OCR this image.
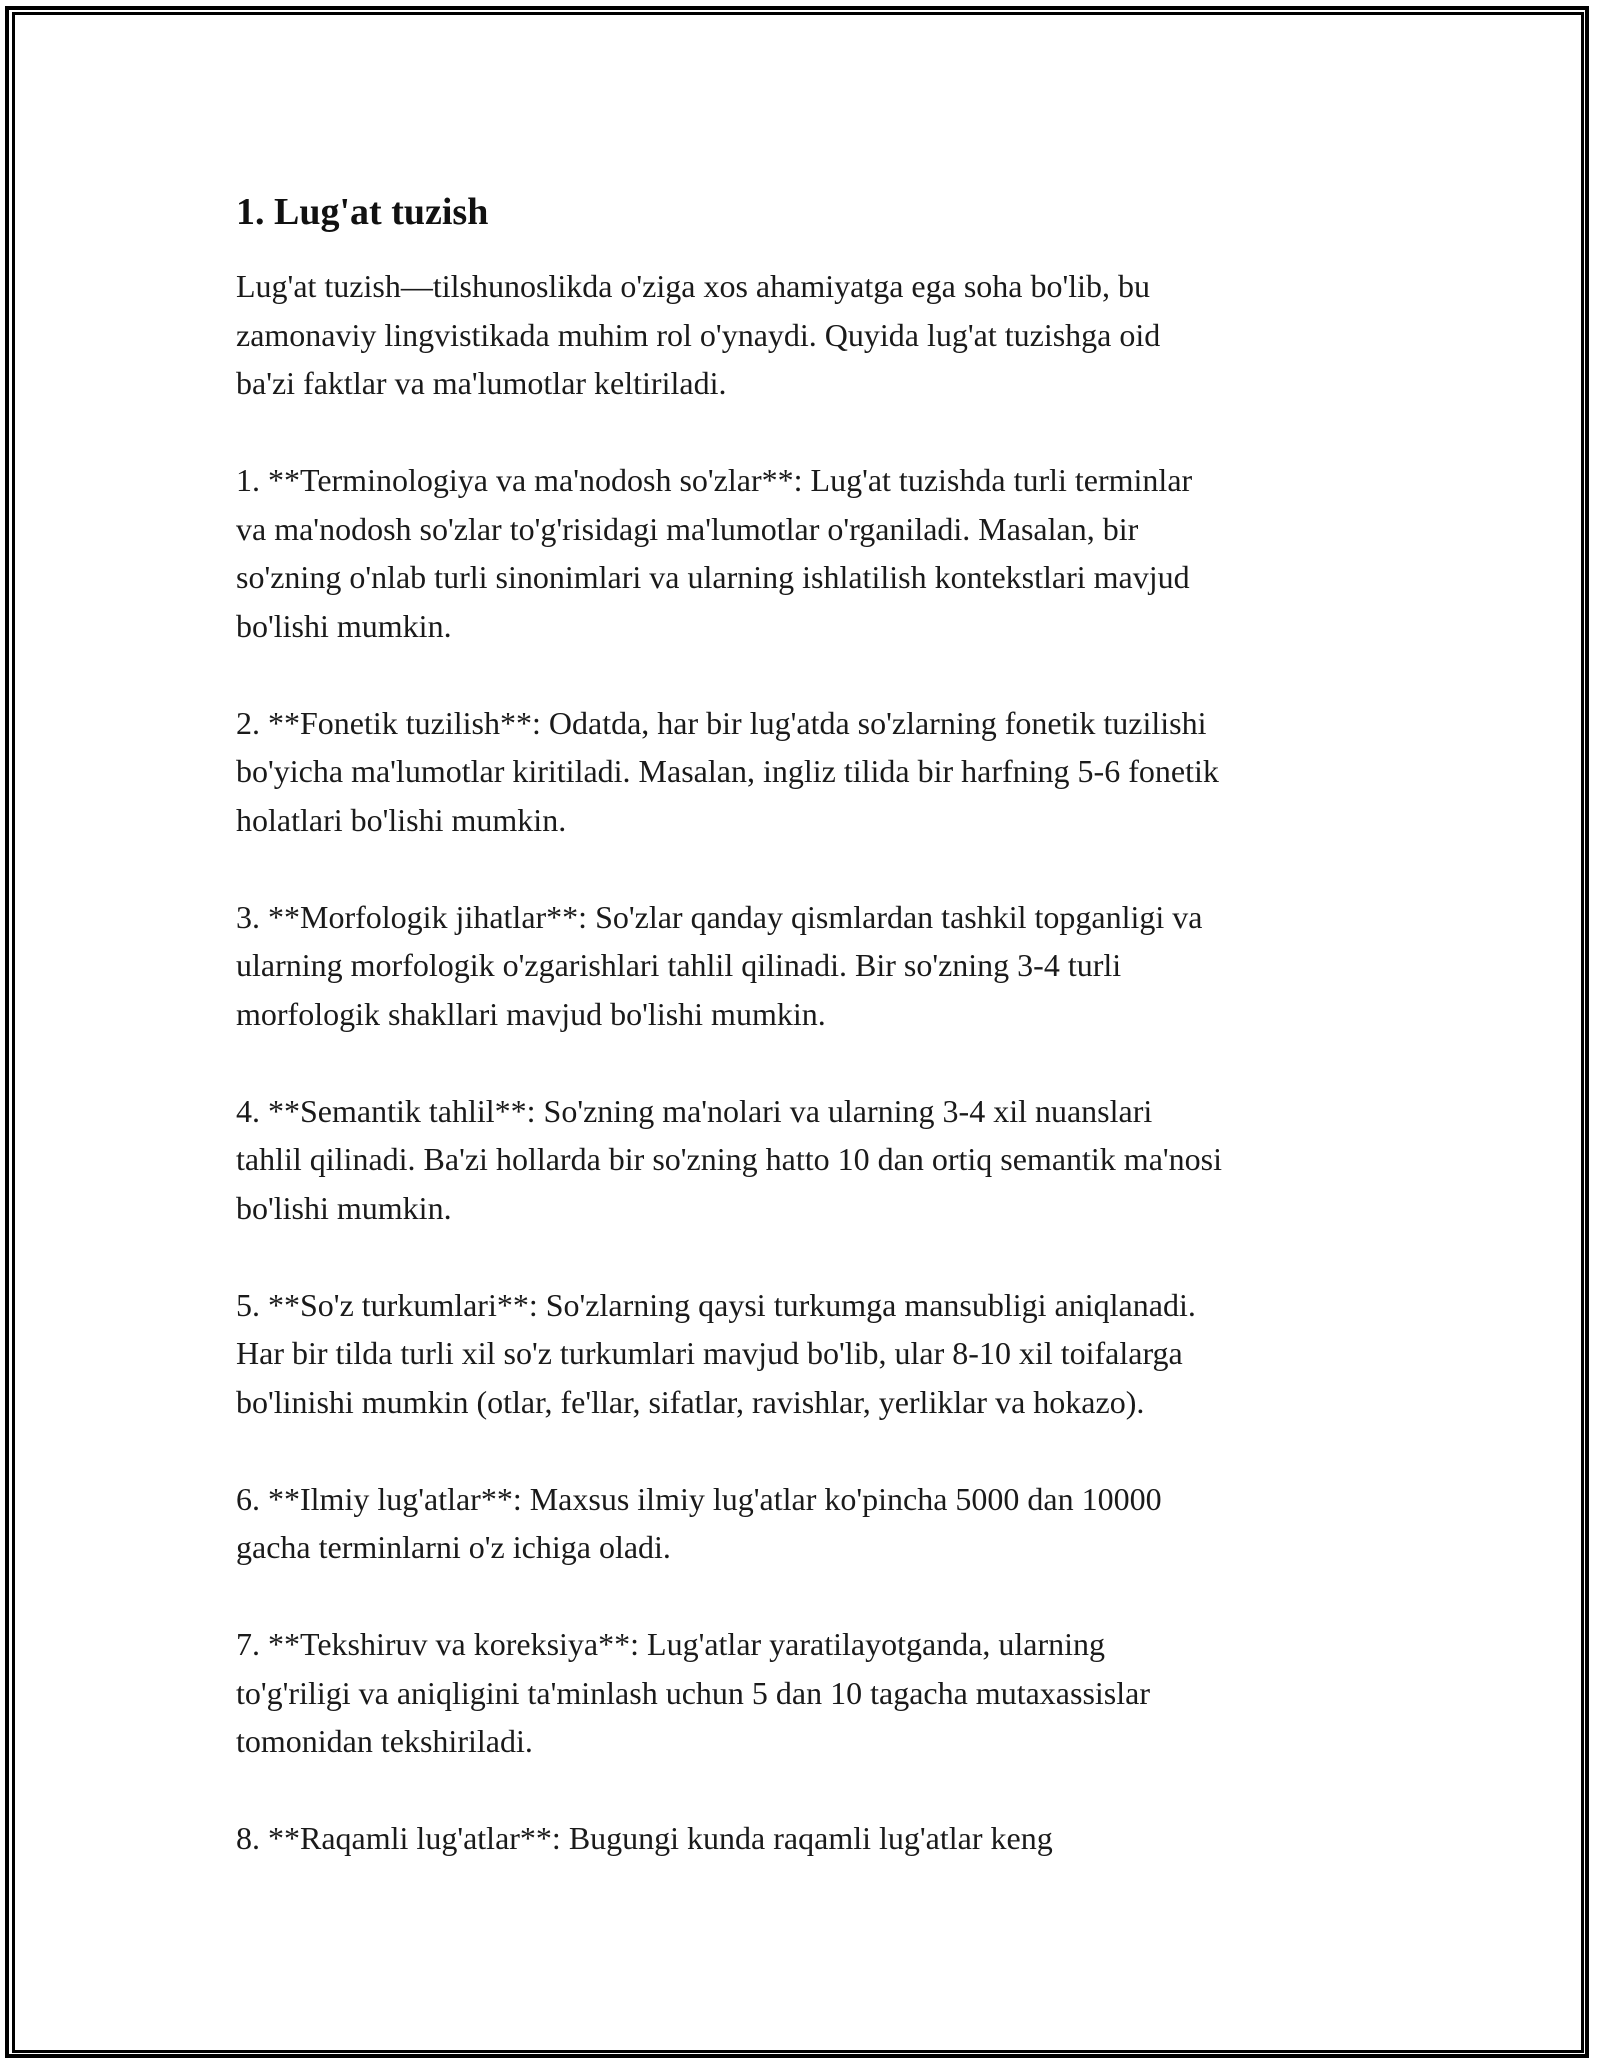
1. Lug'at tuzish

Lug'at tuzish—tilshunoslikda o'ziga xos ahamiyatga ega soha bo'lib, bu
zamonaviy lingvistikada muhim rol o'ynaydi. Quyida lug'at tuzishga oid
ba'zi faktlar va ma'lumotlar keltiriladi.

1. **Terminologiya va ma'nodosh so'zlar**: Lug'at tuzishda turli terminlar
va ma'nodosh so'zlar to'g'risidagi ma'lumotlar o'rganiladi. Masalan, bir
so'zning o'nlab turli sinonimlari va ularning ishlatilish kontekstlari mavjud
bo'lishi mumkin.

2. **Fonetik tuzilish**: Odatda, har bir lug'atda so'zlarning fonetik tuzilishi
bo'yicha ma'lumotlar kiritiladi. Masalan, ingliz tilida bir harfning 5-6 fonetik
holatlari bo'lishi mumkin.

3. **Morfologik jihatlar**: So'zlar qanday qismlardan tashkil topganligi va
ularning morfologik o'zgarishlari tahlil qilinadi. Bir so'zning 3-4 turli
morfologik shakllari mavjud bo'lishi mumkin.

4. **Semantik tahlil**: So'zning ma'nolari va ularning 3-4 xil nuanslari
tahlil qilinadi. Ba'zi hollarda bir so'zning hatto 10 dan ortiq semantik ma'nosi
bo'lishi mumkin.

5. **So'z turkumlari**: So'zlarning qaysi turkumga mansubligi aniqlanadi.
Har bir tilda turli xil so'z turkumlari mavjud bo'lib, ular 8-10 xil toifalarga
bo'linishi mumkin (otlar, fe'llar, sifatlar, ravishlar, yerliklar va hokazo).

6. **Ilmiy lug'atlar**: Maxsus ilmiy lug'atlar ko'pincha 5000 dan 10000
gacha terminlarni o'z ichiga oladi.

7. **Tekshiruv va koreksiya**: Lug'atlar yaratilayotganda, ularning
to'g'riligi va aniqligini ta'minlash uchun 5 dan 10 tagacha mutaxassislar
tomonidan tekshiriladi.

8. **Raqamli lug'atlar**: Bugungi kunda raqamli lug'atlar keng
